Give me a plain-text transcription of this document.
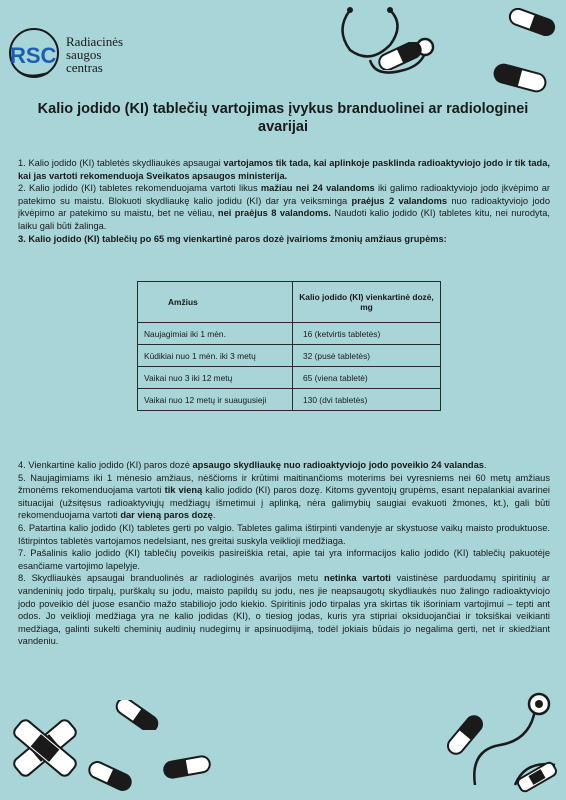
RSC
Radiacinės
saugos
centras
Kalio jodido (KI) tablečių vartojimas įvykus branduolinei ar radiologinei avarijai

1. Kalio jodido (KI) tabletės skydliaukės apsaugai vartojamos tik tada, kai aplinkoje pasklinda radioaktyviojo jodo ir tik tada, kai jas vartoti rekomenduoja Sveikatos apsaugos ministerija.

2. Kalio jodido (KI) tabletes rekomenduojama vartoti likus mažiau nei 24 valandoms iki galimo radioaktyviojo jodo įkvėpimo ar patekimo su maistu. Blokuoti skydliaukę kalio jodidu (KI) dar yra veiksminga praėjus 2 valandoms nuo radioaktyviojo jodo įkvėpimo ar patekimo su maistu, bet ne vėliau, nei praėjus 8 valandoms. Naudoti kalio jodido (KI) tabletes kitu, nei nurodyta, laiku gali būti žalinga.

3. Kalio jodido (KI) tablečių po 65 mg vienkartinė paros dozė įvairioms žmonių amžiaus grupėms:

Amžius	Kalio jodido (KI) vienkartinė dozė, mg
Naujagimiai iki 1 mėn.	16 (ketvirtis tabletės)
Kūdikiai nuo 1 mėn. iki 3 metų	32 (pusė tabletės)
Vaikai nuo 3 iki 12 metų	65 (viena tabletė)
Vaikai nuo 12 metų ir suaugusieji	130 (dvi tabletės)

4. Vienkartinė kalio jodido (KI) paros dozė apsaugo skydliaukę nuo radioaktyviojo jodo poveikio 24 valandas.

5. Naujagimiams iki 1 mėnesio amžiaus, nėščioms ir krūtimi maitinančioms moterims bei vyresniems nei 60 metų amžiaus žmonėms rekomenduojama vartoti tik vieną kalio jodido (KI) paros dozę. Kitoms gyventojų grupėms, esant nepalankiai avarinei situacijai (užsitęsus radioaktyviųjų medžiagų išmetimui į aplinką, nėra galimybių saugiai evakuoti žmones, kt.), gali būti rekomenduojama vartoti dar vieną paros dozę.

6. Patartina kalio jodido (KI) tabletes gerti po valgio. Tabletes galima ištirpinti vandenyje ar skystuose vaikų maisto produktuose. Ištirpintos tabletės vartojamos nedelsiant, nes greitai suskyla veiklioji medžiaga.

7. Pašalinis kalio jodido (KI) tablečių poveikis pasireiškia retai, apie tai yra informacijos kalio jodido (KI) tablečių pakuotėje esančiame vartojimo lapelyje.

8. Skydliaukės apsaugai branduolinės ar radiologinės avarijos metu netinka vartoti vaistinėse parduodamų spiritinių ar vandeninių jodo tirpalų, purškalų su jodu, maisto papildų su jodu, nes jie neapsaugotų skydliaukės nuo žalingo radioaktyviojo jodo poveikio dėl juose esančio mažo stabiliojo jodo kiekio. Spiritinis jodo tirpalas yra skirtas tik išoriniam vartojimui – tepti ant odos. Jo veiklioji medžiaga yra ne kalio jodidas (KI), o tiesiog jodas, kuris yra stipriai oksiduojančiai ir toksiškai veikianti medžiaga, galinti sukelti cheminių audinių nudegimų ir apsinuodijimą, todėl jokiais būdais jo negalima gerti, net ir skiedžiant vandeniu.
